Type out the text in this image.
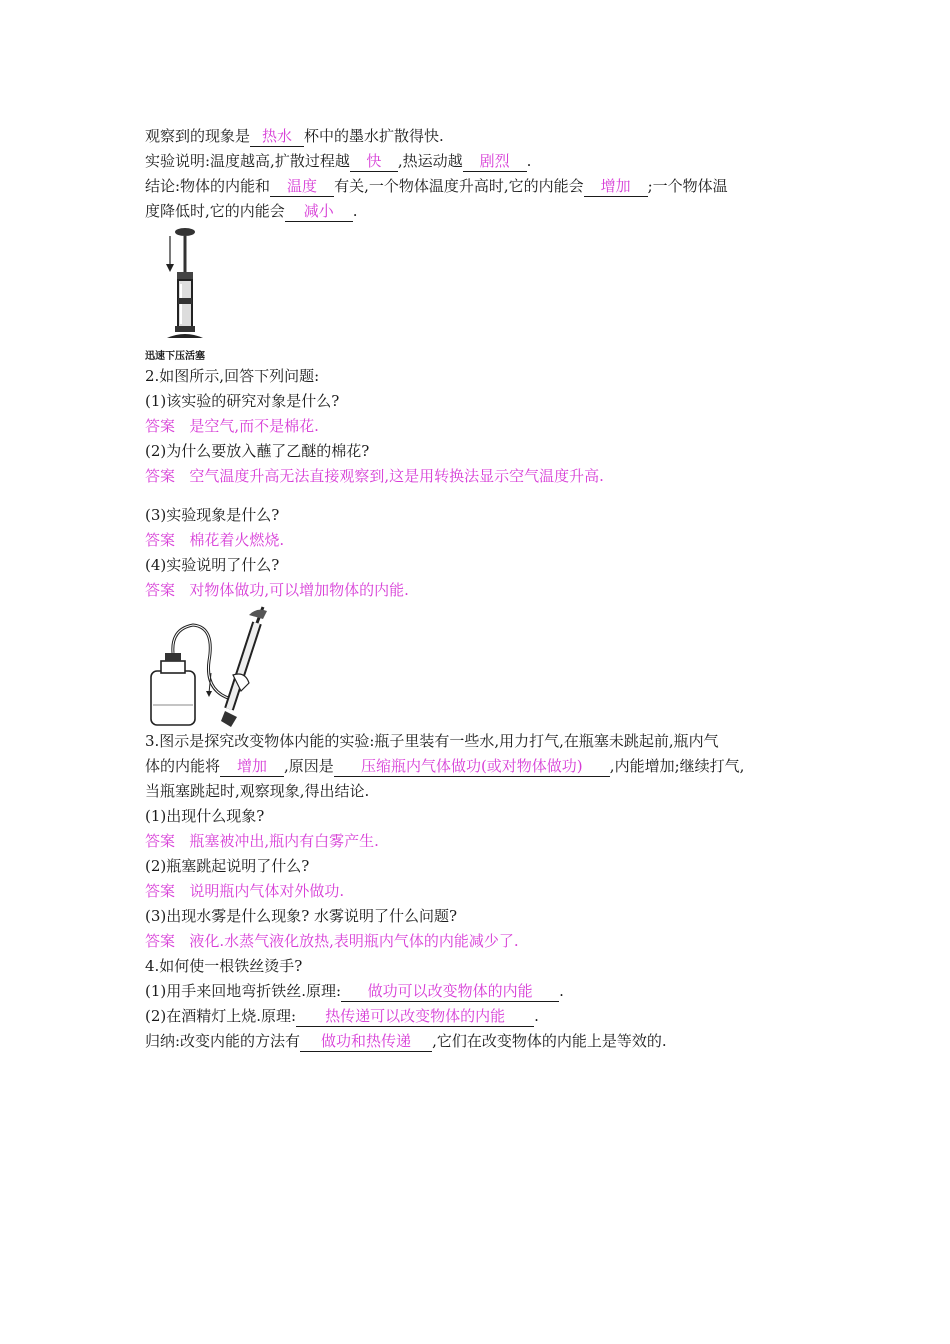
观察到的现象是 热水 杯中的墨水扩散得快.
实验说明:温度越高,扩散过程越 快 ,热运动越 剧烈 .
结论:物体的内能和 温度 有关,一个物体温度升高时,它的内能会 增加 ;一个物体温
度降低时,它的内能会 减小 .
迅速下压活塞
2.如图所示,回答下列问题:
(1)该实验的研究对象是什么?
答案 是空气,而不是棉花.
(2)为什么要放入蘸了乙醚的棉花?
答案 空气温度升高无法直接观察到,这是用转换法显示空气温度升高.
(3)实验现象是什么?
答案 棉花着火燃烧.
(4)实验说明了什么?
答案 对物体做功,可以增加物体的内能.
3.图示是探究改变物体内能的实验:瓶子里装有一些水,用力打气,在瓶塞未跳起前,瓶内气
体的内能将 增加 ,原因是 压缩瓶内气体做功(或对物体做功) ,内能增加;继续打气,
当瓶塞跳起时,观察现象,得出结论.
(1)出现什么现象?
答案 瓶塞被冲出,瓶内有白雾产生.
(2)瓶塞跳起说明了什么?
答案 说明瓶内气体对外做功.
(3)出现水雾是什么现象? 水雾说明了什么问题?
答案 液化.水蒸气液化放热,表明瓶内气体的内能减少了.
4.如何使一根铁丝烫手?
(1)用手来回地弯折铁丝.原理: 做功可以改变物体的内能 .
(2)在酒精灯上烧.原理: 热传递可以改变物体的内能 .
归纳:改变内能的方法有 做功和热传递 ,它们在改变物体的内能上是等效的.
